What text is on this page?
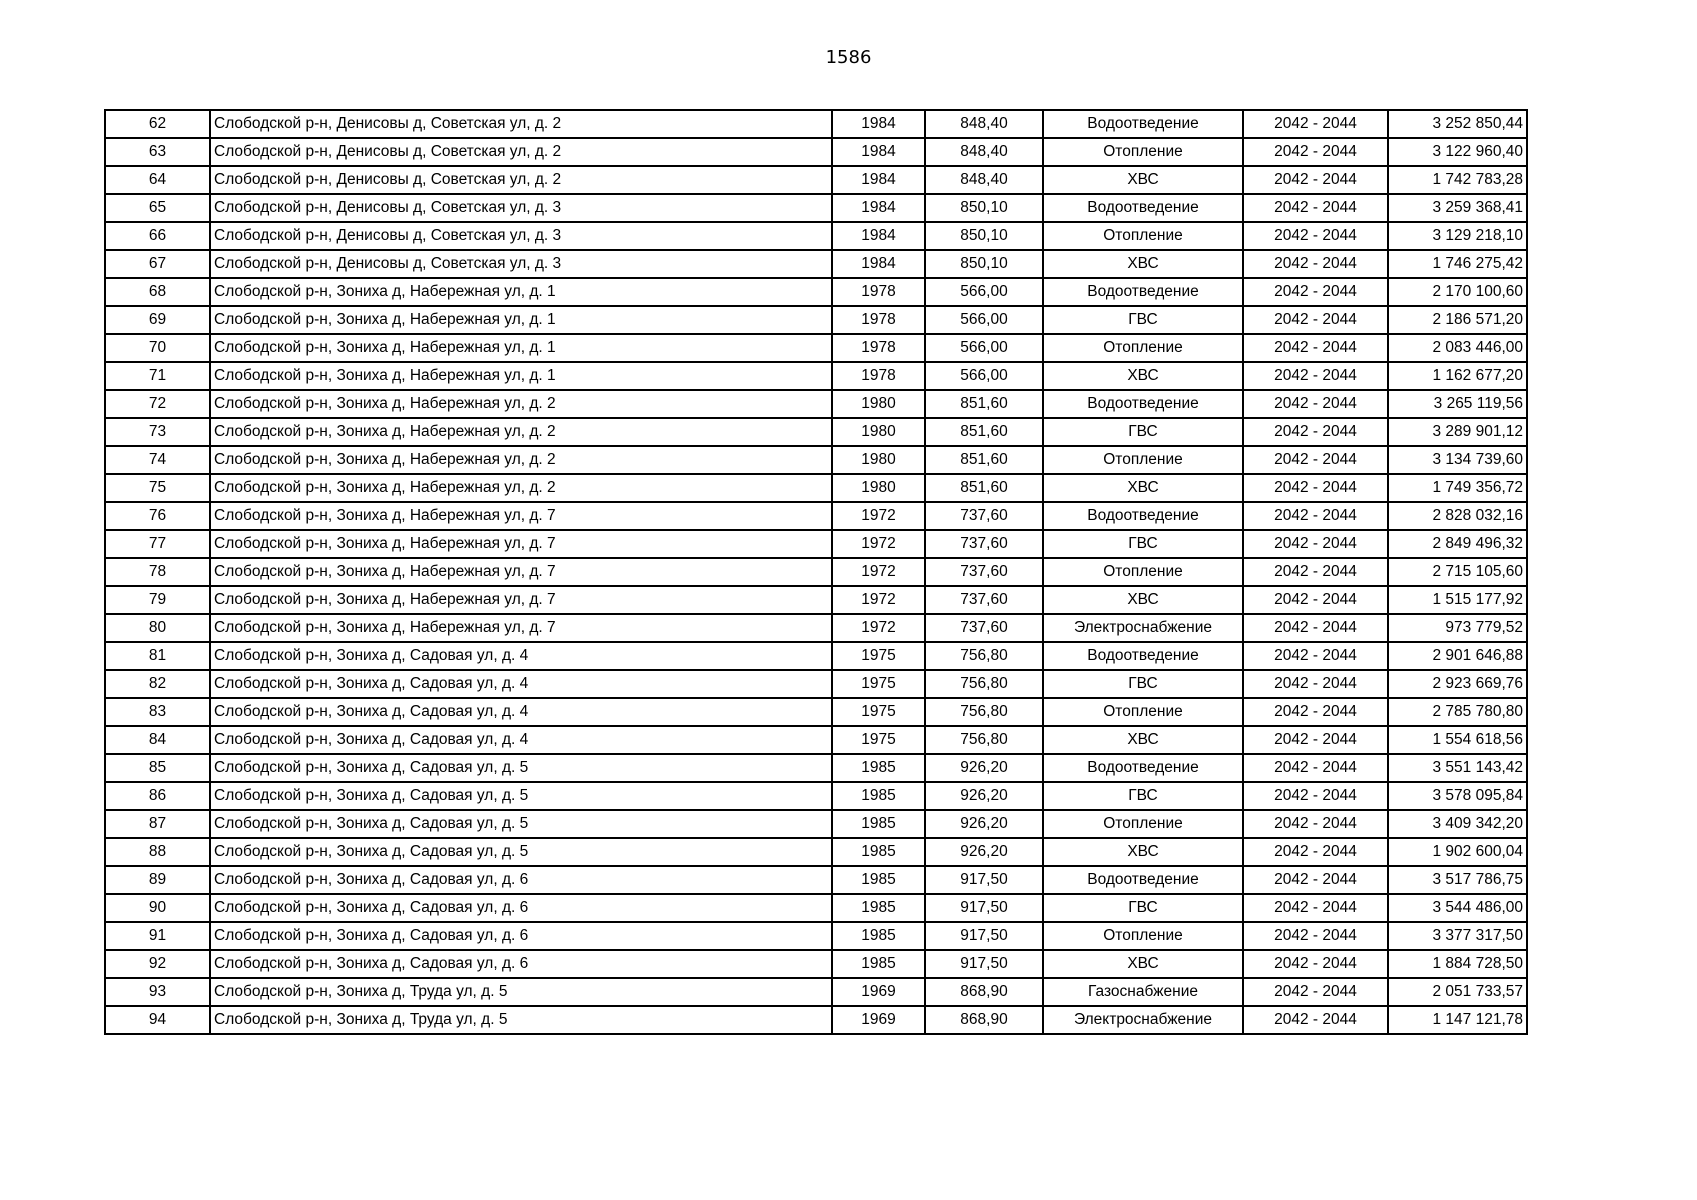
1586
62	Слободской р-н, Денисовы д, Советская ул, д. 2	1984	848,40	Водоотведение	2042 - 2044	3 252 850,44
63	Слободской р-н, Денисовы д, Советская ул, д. 2	1984	848,40	Отопление	2042 - 2044	3 122 960,40
64	Слободской р-н, Денисовы д, Советская ул, д. 2	1984	848,40	ХВС	2042 - 2044	1 742 783,28
65	Слободской р-н, Денисовы д, Советская ул, д. 3	1984	850,10	Водоотведение	2042 - 2044	3 259 368,41
66	Слободской р-н, Денисовы д, Советская ул, д. 3	1984	850,10	Отопление	2042 - 2044	3 129 218,10
67	Слободской р-н, Денисовы д, Советская ул, д. 3	1984	850,10	ХВС	2042 - 2044	1 746 275,42
68	Слободской р-н, Зониха д, Набережная ул, д. 1	1978	566,00	Водоотведение	2042 - 2044	2 170 100,60
69	Слободской р-н, Зониха д, Набережная ул, д. 1	1978	566,00	ГВС	2042 - 2044	2 186 571,20
70	Слободской р-н, Зониха д, Набережная ул, д. 1	1978	566,00	Отопление	2042 - 2044	2 083 446,00
71	Слободской р-н, Зониха д, Набережная ул, д. 1	1978	566,00	ХВС	2042 - 2044	1 162 677,20
72	Слободской р-н, Зониха д, Набережная ул, д. 2	1980	851,60	Водоотведение	2042 - 2044	3 265 119,56
73	Слободской р-н, Зониха д, Набережная ул, д. 2	1980	851,60	ГВС	2042 - 2044	3 289 901,12
74	Слободской р-н, Зониха д, Набережная ул, д. 2	1980	851,60	Отопление	2042 - 2044	3 134 739,60
75	Слободской р-н, Зониха д, Набережная ул, д. 2	1980	851,60	ХВС	2042 - 2044	1 749 356,72
76	Слободской р-н, Зониха д, Набережная ул, д. 7	1972	737,60	Водоотведение	2042 - 2044	2 828 032,16
77	Слободской р-н, Зониха д, Набережная ул, д. 7	1972	737,60	ГВС	2042 - 2044	2 849 496,32
78	Слободской р-н, Зониха д, Набережная ул, д. 7	1972	737,60	Отопление	2042 - 2044	2 715 105,60
79	Слободской р-н, Зониха д, Набережная ул, д. 7	1972	737,60	ХВС	2042 - 2044	1 515 177,92
80	Слободской р-н, Зониха д, Набережная ул, д. 7	1972	737,60	Электроснабжение	2042 - 2044	973 779,52
81	Слободской р-н, Зониха д, Садовая ул, д. 4	1975	756,80	Водоотведение	2042 - 2044	2 901 646,88
82	Слободской р-н, Зониха д, Садовая ул, д. 4	1975	756,80	ГВС	2042 - 2044	2 923 669,76
83	Слободской р-н, Зониха д, Садовая ул, д. 4	1975	756,80	Отопление	2042 - 2044	2 785 780,80
84	Слободской р-н, Зониха д, Садовая ул, д. 4	1975	756,80	ХВС	2042 - 2044	1 554 618,56
85	Слободской р-н, Зониха д, Садовая ул, д. 5	1985	926,20	Водоотведение	2042 - 2044	3 551 143,42
86	Слободской р-н, Зониха д, Садовая ул, д. 5	1985	926,20	ГВС	2042 - 2044	3 578 095,84
87	Слободской р-н, Зониха д, Садовая ул, д. 5	1985	926,20	Отопление	2042 - 2044	3 409 342,20
88	Слободской р-н, Зониха д, Садовая ул, д. 5	1985	926,20	ХВС	2042 - 2044	1 902 600,04
89	Слободской р-н, Зониха д, Садовая ул, д. 6	1985	917,50	Водоотведение	2042 - 2044	3 517 786,75
90	Слободской р-н, Зониха д, Садовая ул, д. 6	1985	917,50	ГВС	2042 - 2044	3 544 486,00
91	Слободской р-н, Зониха д, Садовая ул, д. 6	1985	917,50	Отопление	2042 - 2044	3 377 317,50
92	Слободской р-н, Зониха д, Садовая ул, д. 6	1985	917,50	ХВС	2042 - 2044	1 884 728,50
93	Слободской р-н, Зониха д, Труда ул, д. 5	1969	868,90	Газоснабжение	2042 - 2044	2 051 733,57
94	Слободской р-н, Зониха д, Труда ул, д. 5	1969	868,90	Электроснабжение	2042 - 2044	1 147 121,78
